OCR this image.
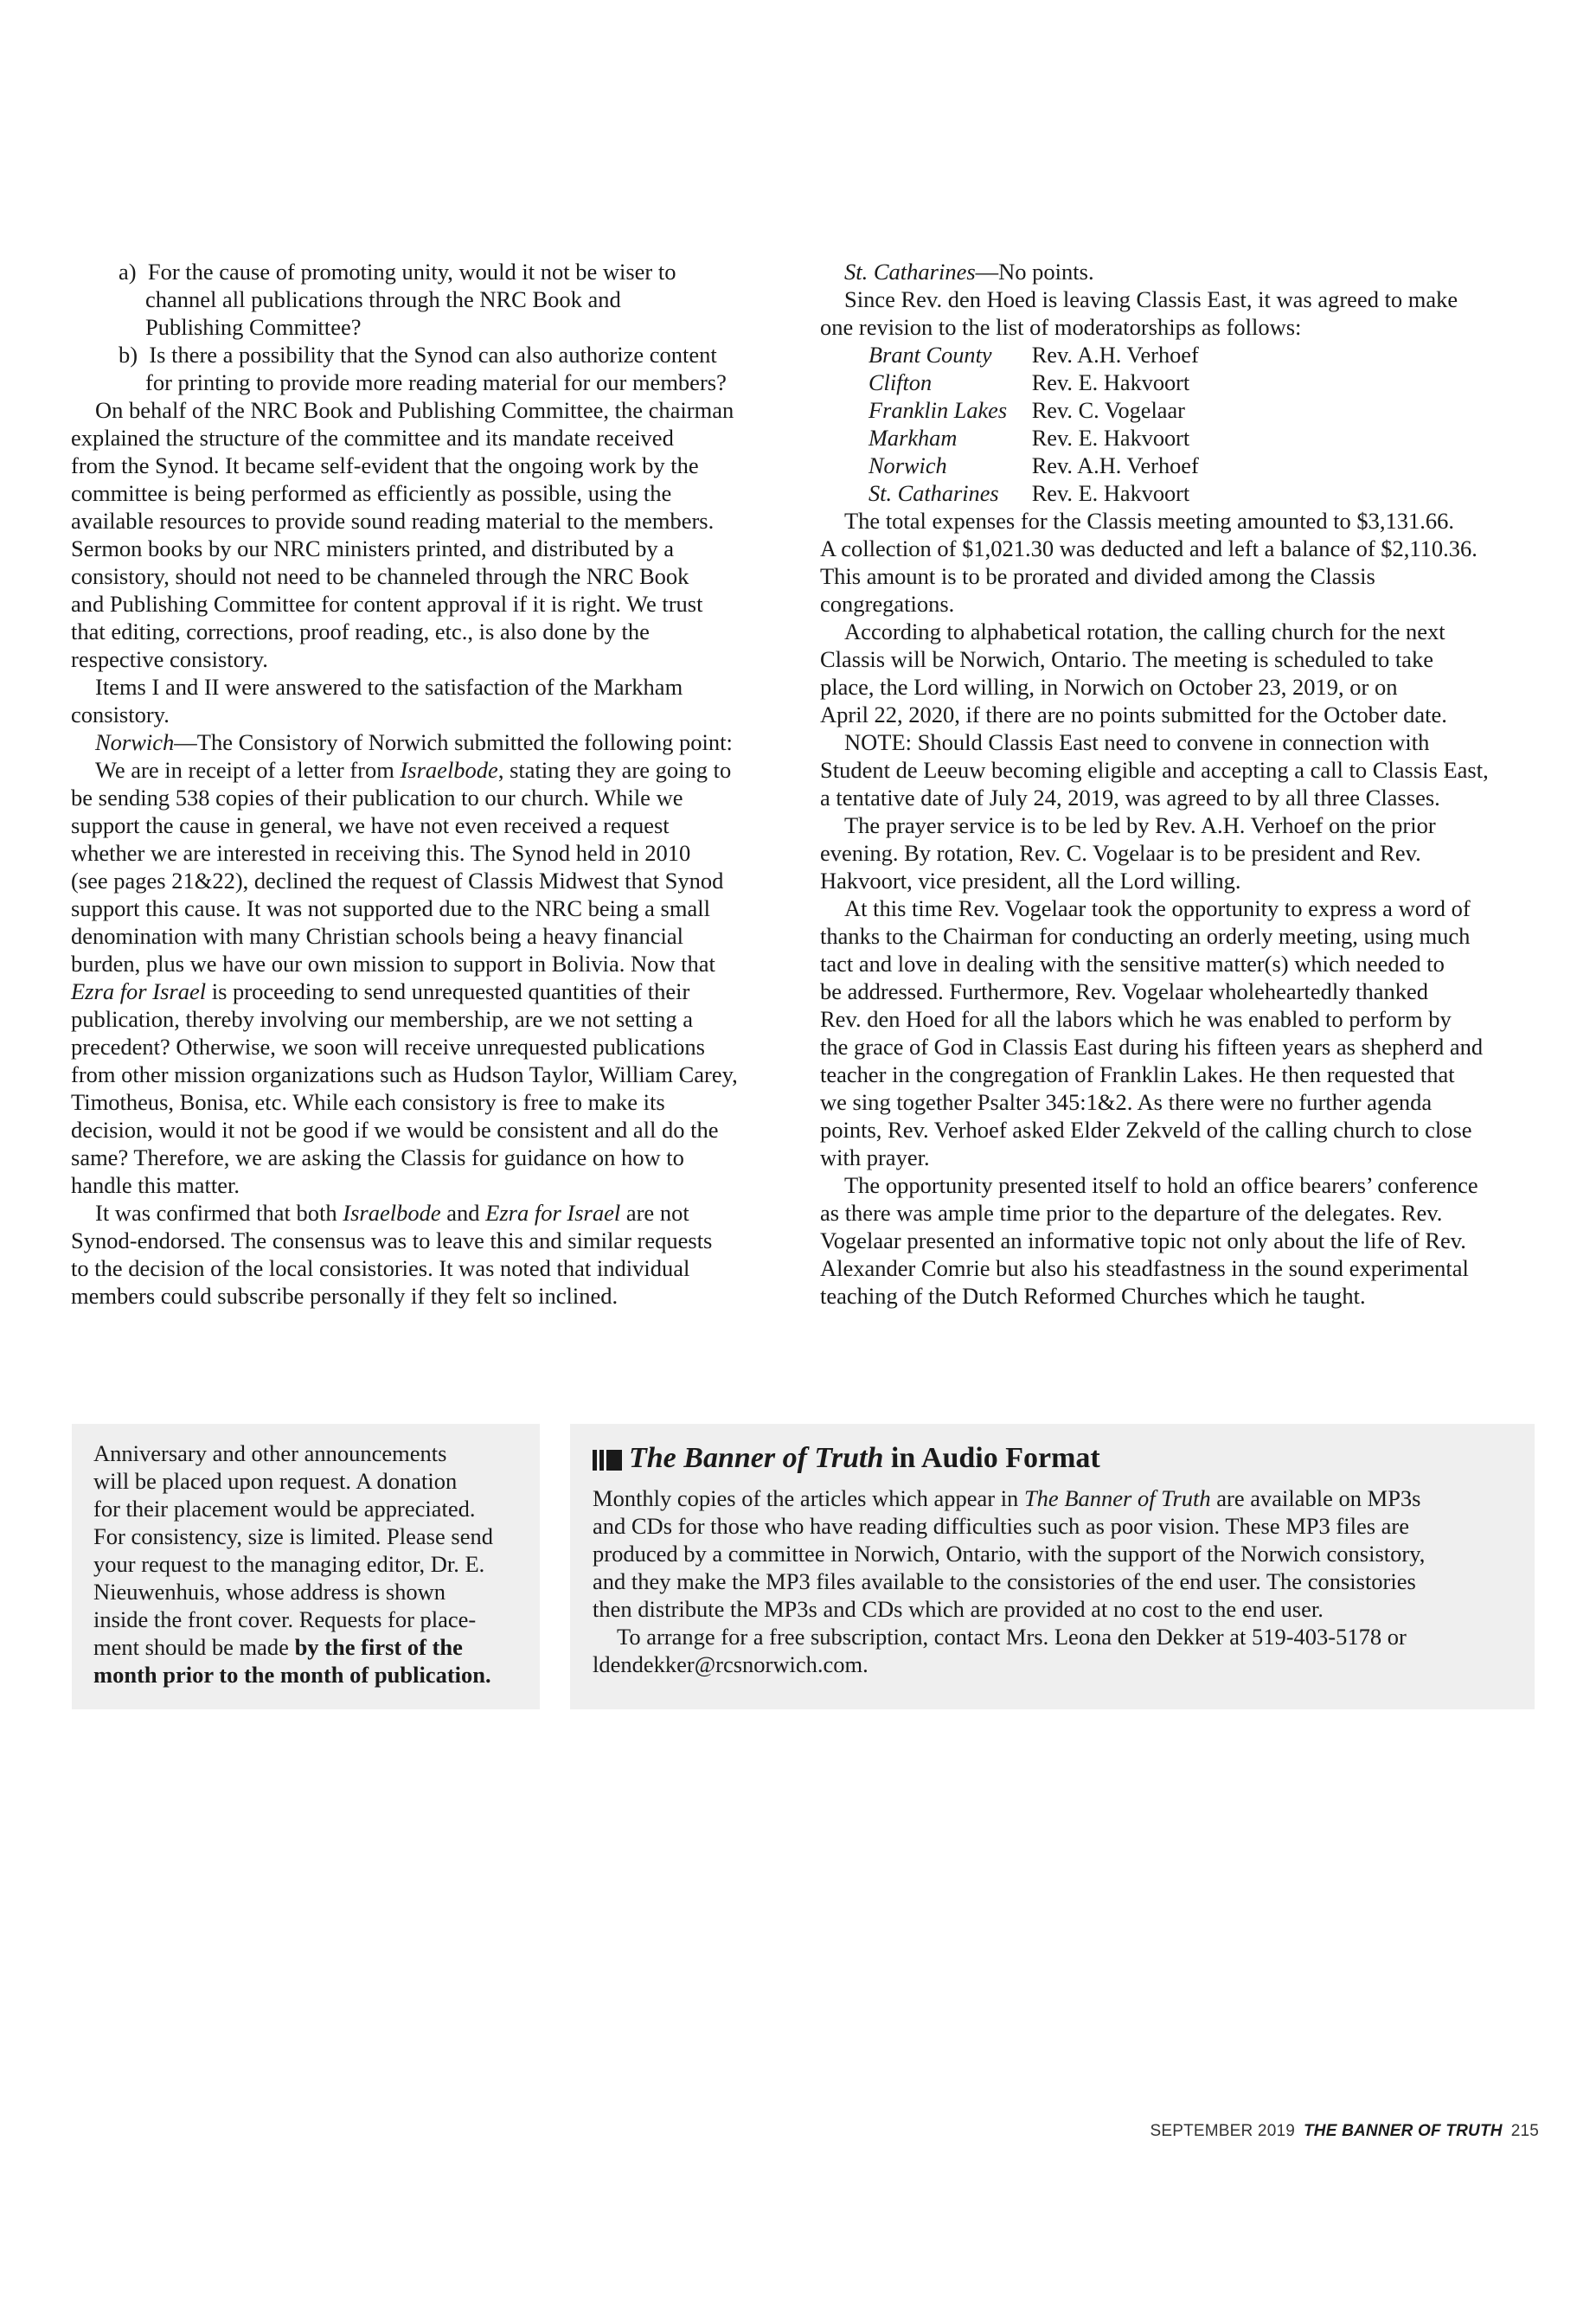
a) For the cause of promoting unity, would it not be wiser to
channel all publications through the NRC Book and
Publishing Committee?
b) Is there a possibility that the Synod can also authorize content
for printing to provide more reading material for our members?
On behalf of the NRC Book and Publishing Committee, the chairman
explained the structure of the committee and its mandate received
from the Synod. It became self-evident that the ongoing work by the
committee is being performed as efficiently as possible, using the
available resources to provide sound reading material to the members.
Sermon books by our NRC ministers printed, and distributed by a
consistory, should not need to be channeled through the NRC Book
and Publishing Committee for content approval if it is right. We trust
that editing, corrections, proof reading, etc., is also done by the
respective consistory.
Items I and II were answered to the satisfaction of the Markham
consistory.
Norwich—The Consistory of Norwich submitted the following point:
We are in receipt of a letter from Israelbode, stating they are going to
be sending 538 copies of their publication to our church. While we
support the cause in general, we have not even received a request
whether we are interested in receiving this. The Synod held in 2010
(see pages 21&22), declined the request of Classis Midwest that Synod
support this cause. It was not supported due to the NRC being a small
denomination with many Christian schools being a heavy financial
burden, plus we have our own mission to support in Bolivia. Now that
Ezra for Israel is proceeding to send unrequested quantities of their
publication, thereby involving our membership, are we not setting a
precedent? Otherwise, we soon will receive unrequested publications
from other mission organizations such as Hudson Taylor, William Carey,
Timotheus, Bonisa, etc. While each consistory is free to make its
decision, would it not be good if we would be consistent and all do the
same? Therefore, we are asking the Classis for guidance on how to
handle this matter.
It was confirmed that both Israelbode and Ezra for Israel are not
Synod-endorsed. The consensus was to leave this and similar requests
to the decision of the local consistories. It was noted that individual
members could subscribe personally if they felt so inclined.
St. Catharines—No points.
Since Rev. den Hoed is leaving Classis East, it was agreed to make
one revision to the list of moderatorships as follows:
Brant County Rev. A.H. Verhoef
Clifton	Rev. E. Hakvoort
Franklin Lakes Rev. C. Vogelaar
Markham	Rev. E. Hakvoort
Norwich	Rev. A.H. Verhoef
St. Catharines Rev. E. Hakvoort
The total expenses for the Classis meeting amounted to $3,131.66.
A collection of $1,021.30 was deducted and left a balance of $2,110.36.
This amount is to be prorated and divided among the Classis
congregations.
According to alphabetical rotation, the calling church for the next
Classis will be Norwich, Ontario. The meeting is scheduled to take
place, the Lord willing, in Norwich on October 23, 2019, or on
April 22, 2020, if there are no points submitted for the October date.
NOTE: Should Classis East need to convene in connection with
Student de Leeuw becoming eligible and accepting a call to Classis East,
a tentative date of July 24, 2019, was agreed to by all three Classes.
The prayer service is to be led by Rev. A.H. Verhoef on the prior
evening. By rotation, Rev. C. Vogelaar is to be president and Rev.
Hakvoort, vice president, all the Lord willing.
At this time Rev. Vogelaar took the opportunity to express a word of
thanks to the Chairman for conducting an orderly meeting, using much
tact and love in dealing with the sensitive matter(s) which needed to
be addressed. Furthermore, Rev. Vogelaar wholeheartedly thanked
Rev. den Hoed for all the labors which he was enabled to perform by
the grace of God in Classis East during his fifteen years as shepherd and
teacher in the congregation of Franklin Lakes. He then requested that
we sing together Psalter 345:1&2. As there were no further agenda
points, Rev. Verhoef asked Elder Zekveld of the calling church to close
with prayer.
The opportunity presented itself to hold an office bearers’ conference
as there was ample time prior to the departure of the delegates. Rev.
Vogelaar presented an informative topic not only about the life of Rev.
Alexander Comrie but also his steadfastness in the sound experimental
teaching of the Dutch Reformed Churches which he taught.
Anniversary and other announcements
will be placed upon request. A donation
for their placement would be appreciated.
For consistency, size is limited. Please send
your request to the managing editor, Dr. E.
Nieuwenhuis, whose address is shown
inside the front cover. Requests for place-
ment should be made by the first of the
month prior to the month of publication.
The Banner of Truth in Audio Format
Monthly copies of the articles which appear in The Banner of Truth are available on MP3s
and CDs for those who have reading difficulties such as poor vision. These MP3 files are
produced by a committee in Norwich, Ontario, with the support of the Norwich consistory,
and they make the MP3 files available to the consistories of the end user. The consistories
then distribute the MP3s and CDs which are provided at no cost to the end user.
To arrange for a free subscription, contact Mrs. Leona den Dekker at 519-403-5178 or
ldendekker@rcsnorwich.com.
SEPTEMBER 2019 THE BANNER OF TRUTH 215
